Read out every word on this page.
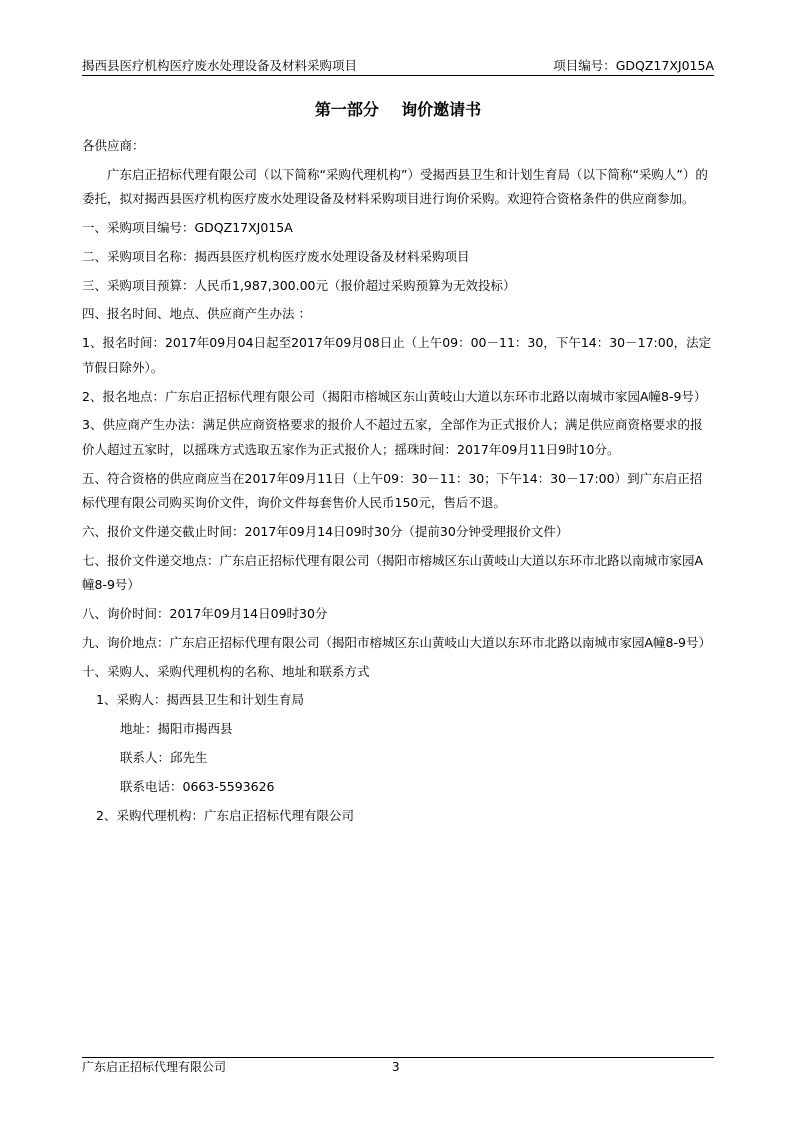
揭西县医疗机构医疗废水处理设备及材料采购项目	项目编号：GDQZ17XJ015A
第一部分    询价邀请书

各供应商：

广东启正招标代理有限公司（以下简称“采购代理机构”）受揭西县卫生和计划生育局（以下简称“采购人”）的委托，拟对揭西县医疗机构医疗废水处理设备及材料采购项目进行询价采购。欢迎符合资格条件的供应商参加。

一、采购项目编号：GDQZ17XJ015A

二、采购项目名称：揭西县医疗机构医疗废水处理设备及材料采购项目

三、采购项目预算：人民币1,987,300.00元（报价超过采购预算为无效投标）

四、报名时间、地点、供应商产生办法 ：

1、报名时间：2017年09月04日起至2017年09月08日止（上午09：00－11：30，下午14：30－17:00，法定节假日除外）。

2、报名地点：广东启正招标代理有限公司（揭阳市榕城区东山黄岐山大道以东环市北路以南城市家园A幢8-9号）

3、供应商产生办法：满足供应商资格要求的报价人不超过五家，全部作为正式报价人；满足供应商资格要求的报价人超过五家时，以摇珠方式选取五家作为正式报价人；摇珠时间：2017年09月11日9时10分。

五、符合资格的供应商应当在2017年09月11日（上午09：30－11：30；下午14：30－17:00）到广东启正招标代理有限公司购买询价文件，询价文件每套售价人民币150元，售后不退。

六、报价文件递交截止时间：2017年09月14日09时30分（提前30分钟受理报价文件）

七、报价文件递交地点：广东启正招标代理有限公司（揭阳市榕城区东山黄岐山大道以东环市北路以南城市家园A幢8-9号）

八、询价时间：2017年09月14日09时30分

九、询价地点：广东启正招标代理有限公司（揭阳市榕城区东山黄岐山大道以东环市北路以南城市家园A幢8-9号）

十、采购人、采购代理机构的名称、地址和联系方式

1、采购人：揭西县卫生和计划生育局

地址：揭阳市揭西县

联系人：邱先生

联系电话：0663-5593626

2、采购代理机构：广东启正招标代理有限公司

广东启正招标代理有限公司	3
